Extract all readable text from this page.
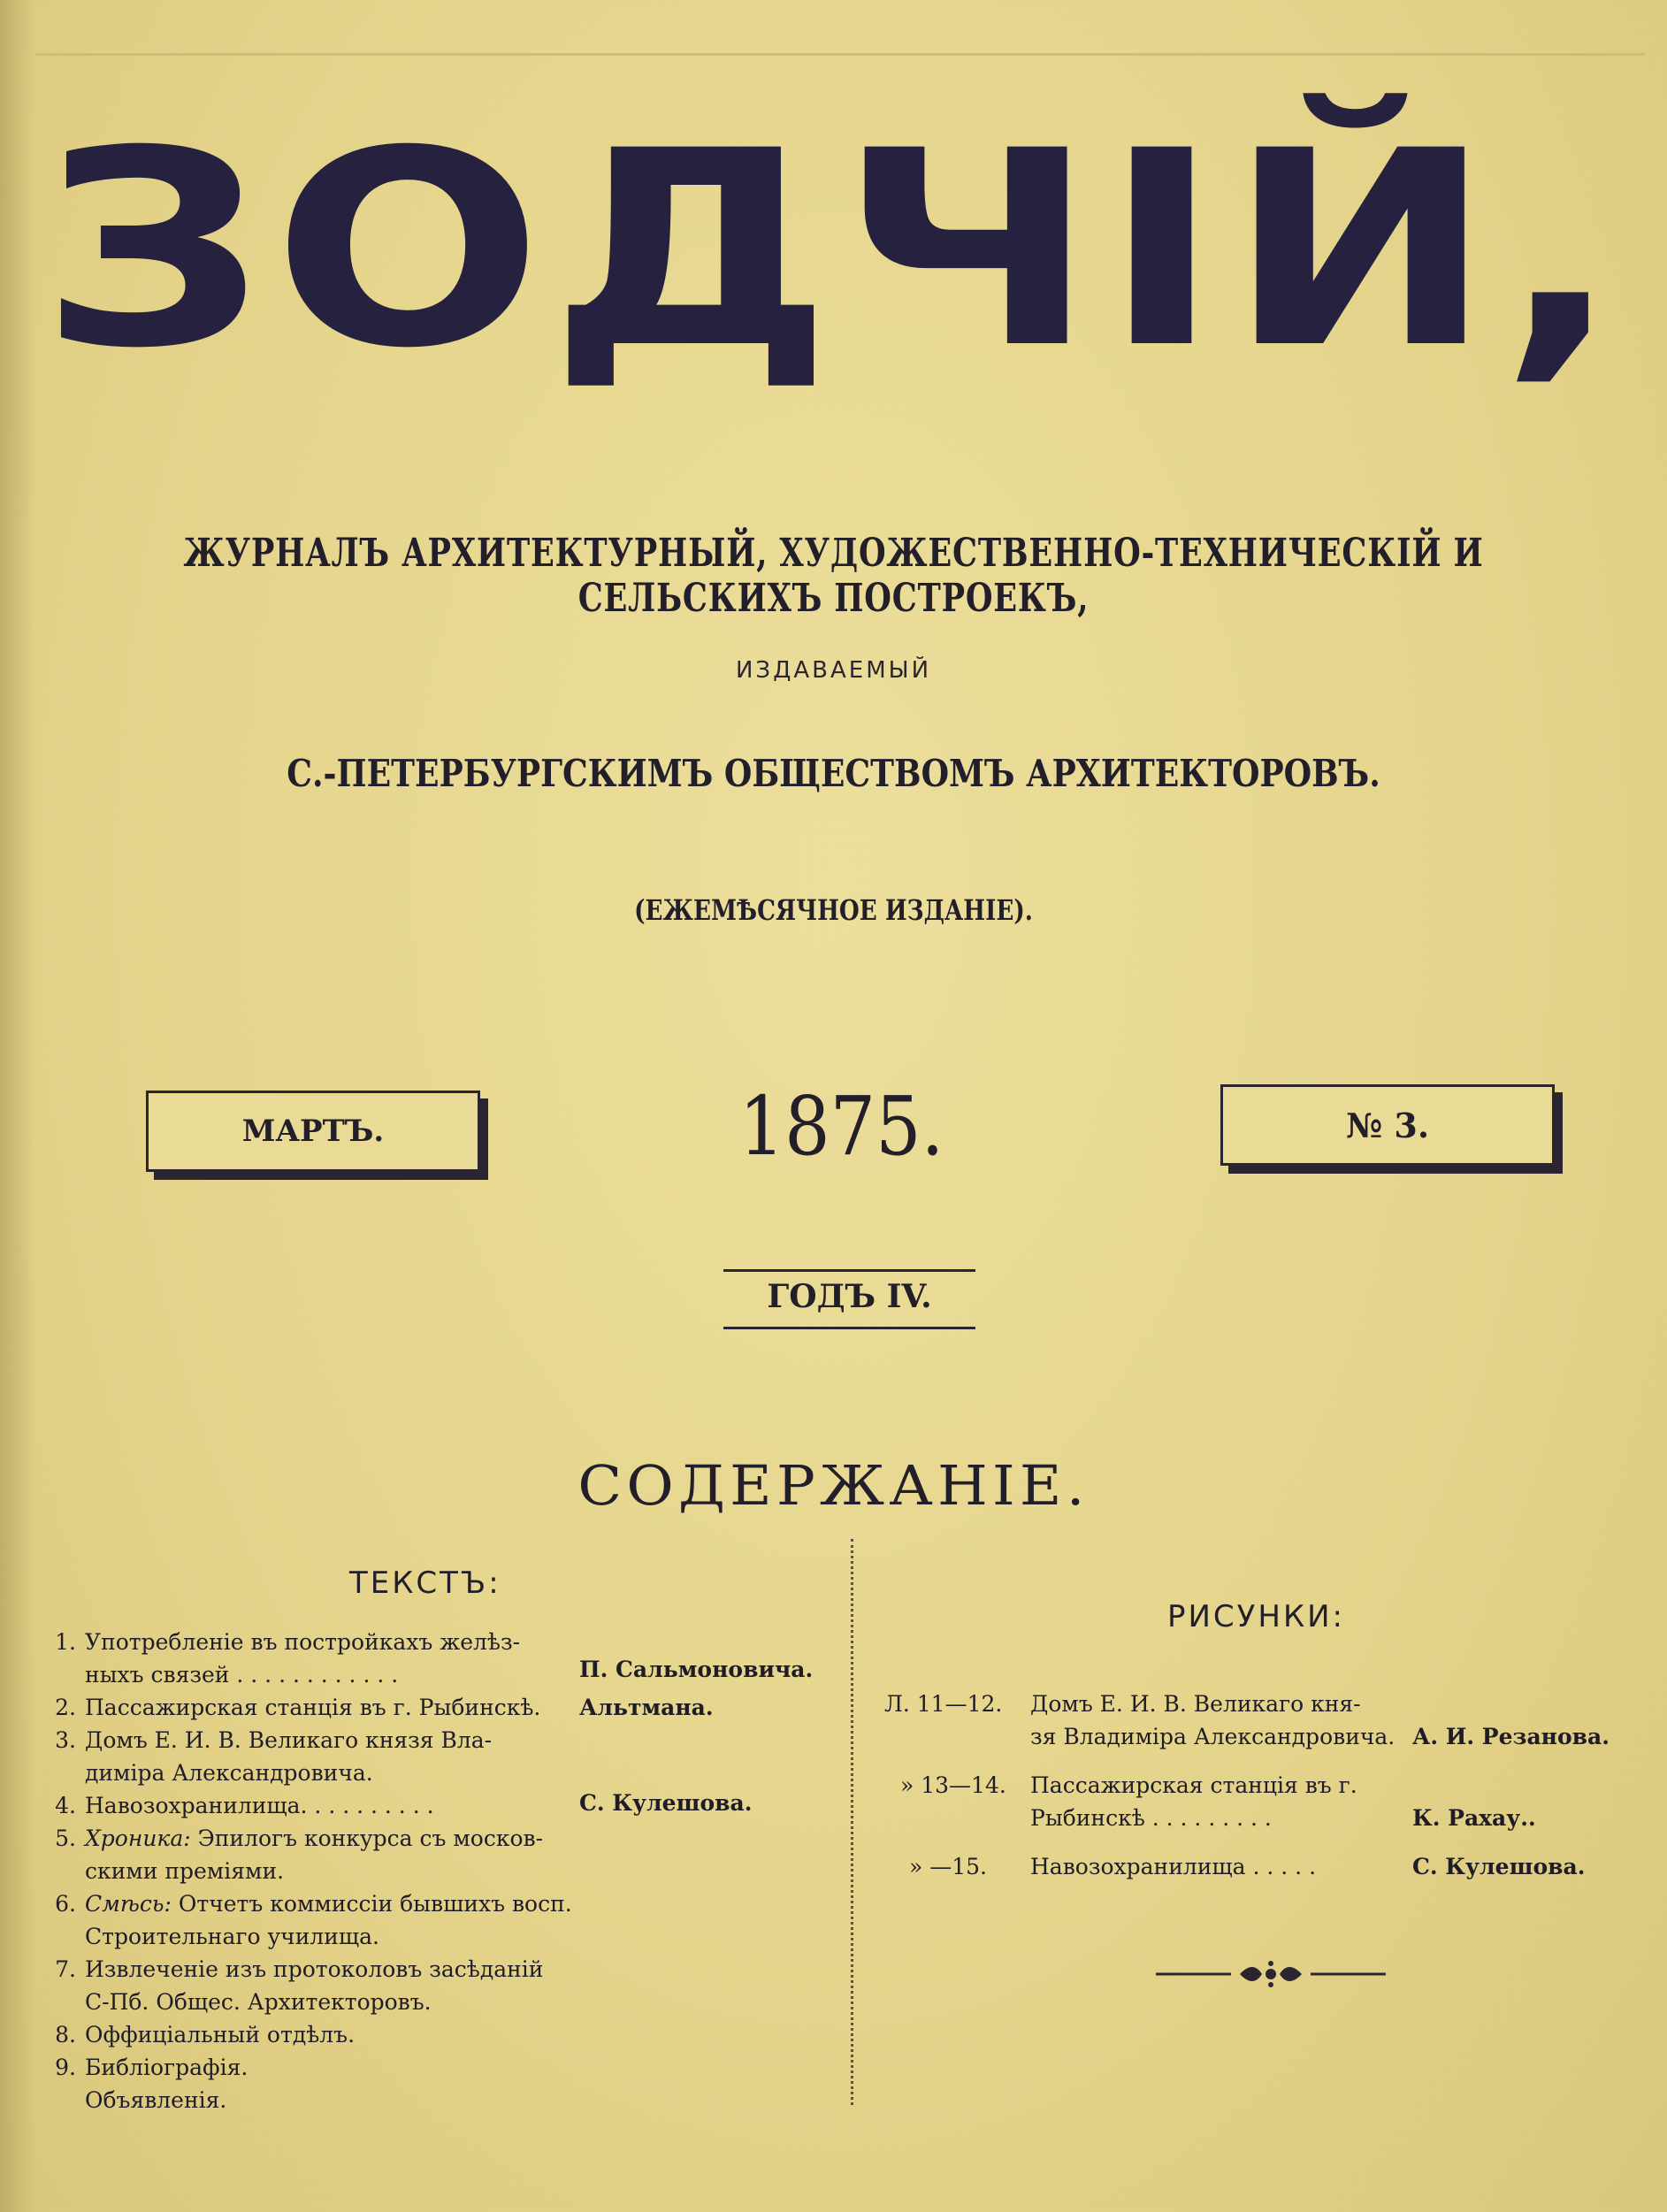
ЗОДЧІЙ,
ЖУРНАЛЪ АРХИТЕКТУРНЫЙ, ХУДОЖЕСТВЕННО-ТЕХНИЧЕСКІЙ И СЕЛЬСКИХЪ ПОСТРОЕКЪ,
ИЗДАВАЕМЫЙ
С.-ПЕТЕРБУРГСКИМЪ ОБЩЕСТВОМЪ АРХИТЕКТОРОВЪ.
(ЕЖЕМѢСЯЧНОЕ ИЗДАНІЕ).
МАРТЪ.	1875.	№ 3.
ГОДЪ IV.
СОДЕРЖАНІЕ.
ТЕКСТЪ:
РИСУНКИ:
1. Употребленіе въ постройкахъ желѣз-
ныхъ связей . . . . . . . . . . . .	П. Сальмоновича.
2. Пассажирская станція въ г. Рыбинскѣ. Альтмана.
3. Домъ Е. И. В. Великаго князя Вла-
диміра Александровича.
4. Навозохранилища. . . . . . . . . .	С. Кулешова.
5. Хроника: Эпилогъ конкурса съ москов-
скими преміями.
6. Смѣсь: Отчетъ коммиссіи бывшихъ восп.
Строительнаго училища.
7. Извлеченіе изъ протоколовъ засѣданій
С-Пб. Общес. Архитекторовъ.
8. Оффиціальный отдѣлъ.
9. Библіографія.
Объявленія.
Л. 11—12. Домъ Е. И. В. Великаго кня-
зя Владиміра Александровича. А. И. Резанова.
» 13—14. Пассажирская станція въ г.
Рыбинскѣ . . . . . . . . .	К. Рахау..
» —15. Навозохранилища . . . . .	С. Кулешова.
